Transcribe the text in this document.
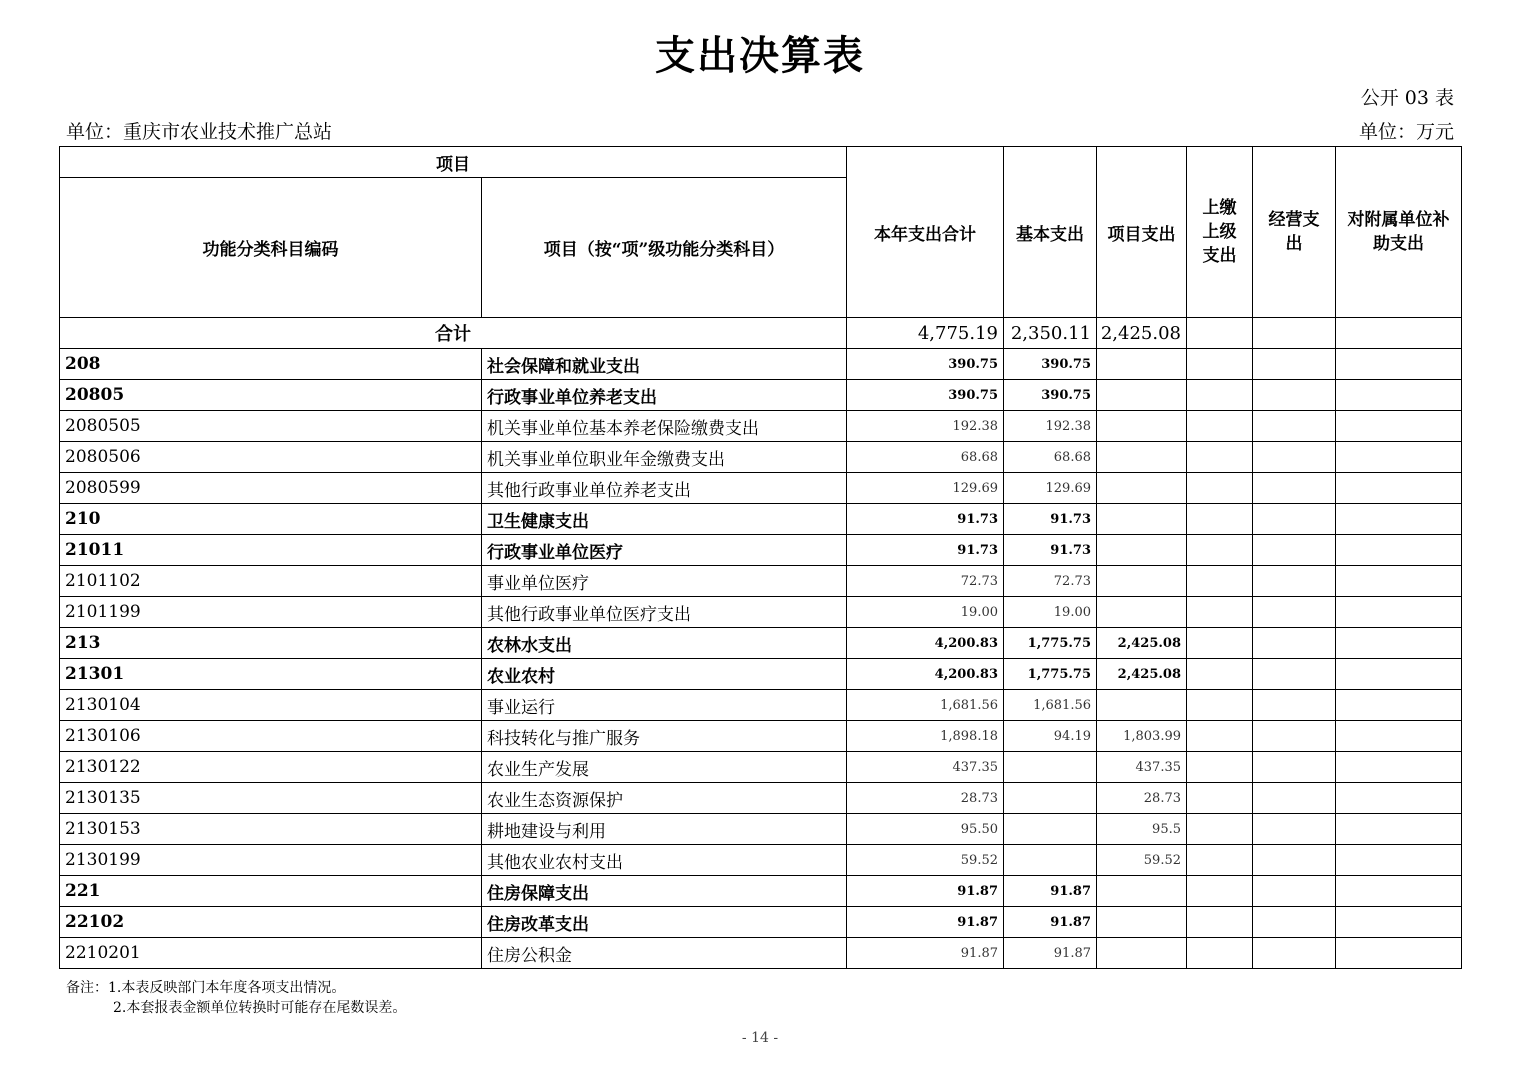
支出决算表
公开 03 表
单位：重庆市农业技术推广总站	单位：万元
项目		本年支出合计	基本支出	项目支出	上缴上级支出	经营支出	对附属单位补助支出
功能分类科目编码	项目（按“项”级功能分类科目）						
合计		4,775.19	2,350.11	2,425.08			
208	社会保障和就业支出	390.75	390.75				
20805	行政事业单位养老支出	390.75	390.75				
2080505	机关事业单位基本养老保险缴费支出	192.38	192.38				
2080506	机关事业单位职业年金缴费支出	68.68	68.68				
2080599	其他行政事业单位养老支出	129.69	129.69				
210	卫生健康支出	91.73	91.73				
21011	行政事业单位医疗	91.73	91.73				
2101102	事业单位医疗	72.73	72.73				
2101199	其他行政事业单位医疗支出	19.00	19.00				
213	农林水支出	4,200.83	1,775.75	2,425.08			
21301	农业农村	4,200.83	1,775.75	2,425.08			
2130104	事业运行	1,681.56	1,681.56				
2130106	科技转化与推广服务	1,898.18	94.19	1,803.99			
2130122	农业生产发展	437.35		437.35			
2130135	农业生态资源保护	28.73		28.73			
2130153	耕地建设与利用	95.50		95.5			
2130199	其他农业农村支出	59.52		59.52			
221	住房保障支出	91.87	91.87				
22102	住房改革支出	91.87	91.87				
2210201	住房公积金	91.87	91.87				
备注：1.本表反映部门本年度各项支出情况。
2.本套报表金额单位转换时可能存在尾数误差。
- 14 -
